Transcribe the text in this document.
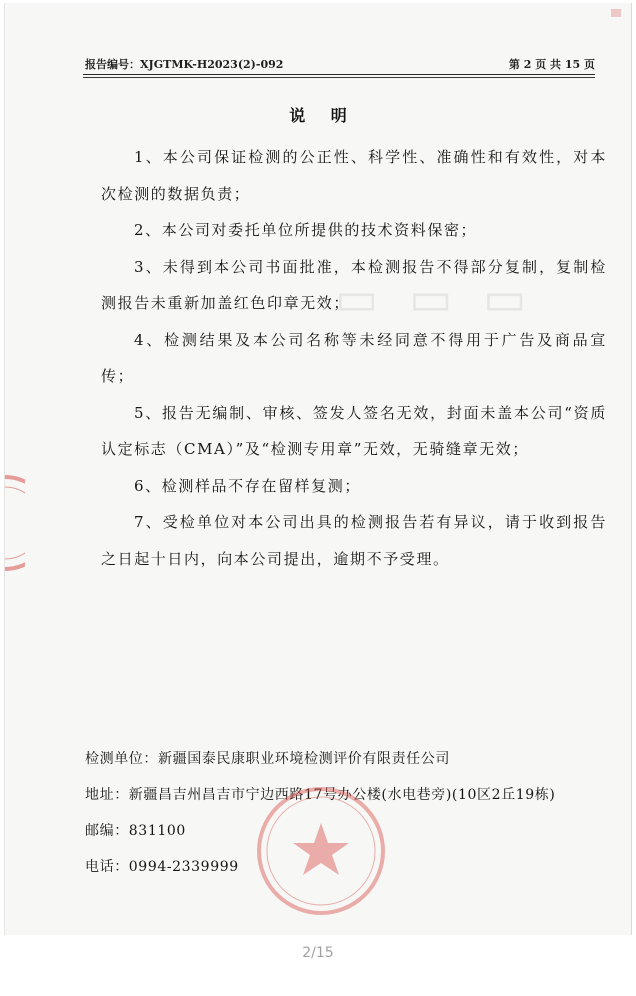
▭ ▭ ▭
报告编号：XJGTMK-H2023(2)-092	第 2 页 共 15 页
说 明

1、本公司保证检测的公正性、科学性、准确性和有效性，对本次检测的数据负责；

2、本公司对委托单位所提供的技术资料保密；

3、未得到本公司书面批准，本检测报告不得部分复制，复制检测报告未重新加盖红色印章无效；

4、检测结果及本公司名称等未经同意不得用于广告及商品宣传；

5、报告无编制、审核、签发人签名无效，封面未盖本公司“资质认定标志（CMA）”及“检测专用章”无效，无骑缝章无效；

6、检测样品不存在留样复测；

7、受检单位对本公司出具的检测报告若有异议，请于收到报告之日起十日内，向本公司提出，逾期不予受理。

检测单位：新疆国泰民康职业环境检测评价有限责任公司
地址：新疆昌吉州昌吉市宁边西路17号办公楼(水电巷旁)(10区2丘19栋)
邮编：831100
电话：0994-2339999
2/15
